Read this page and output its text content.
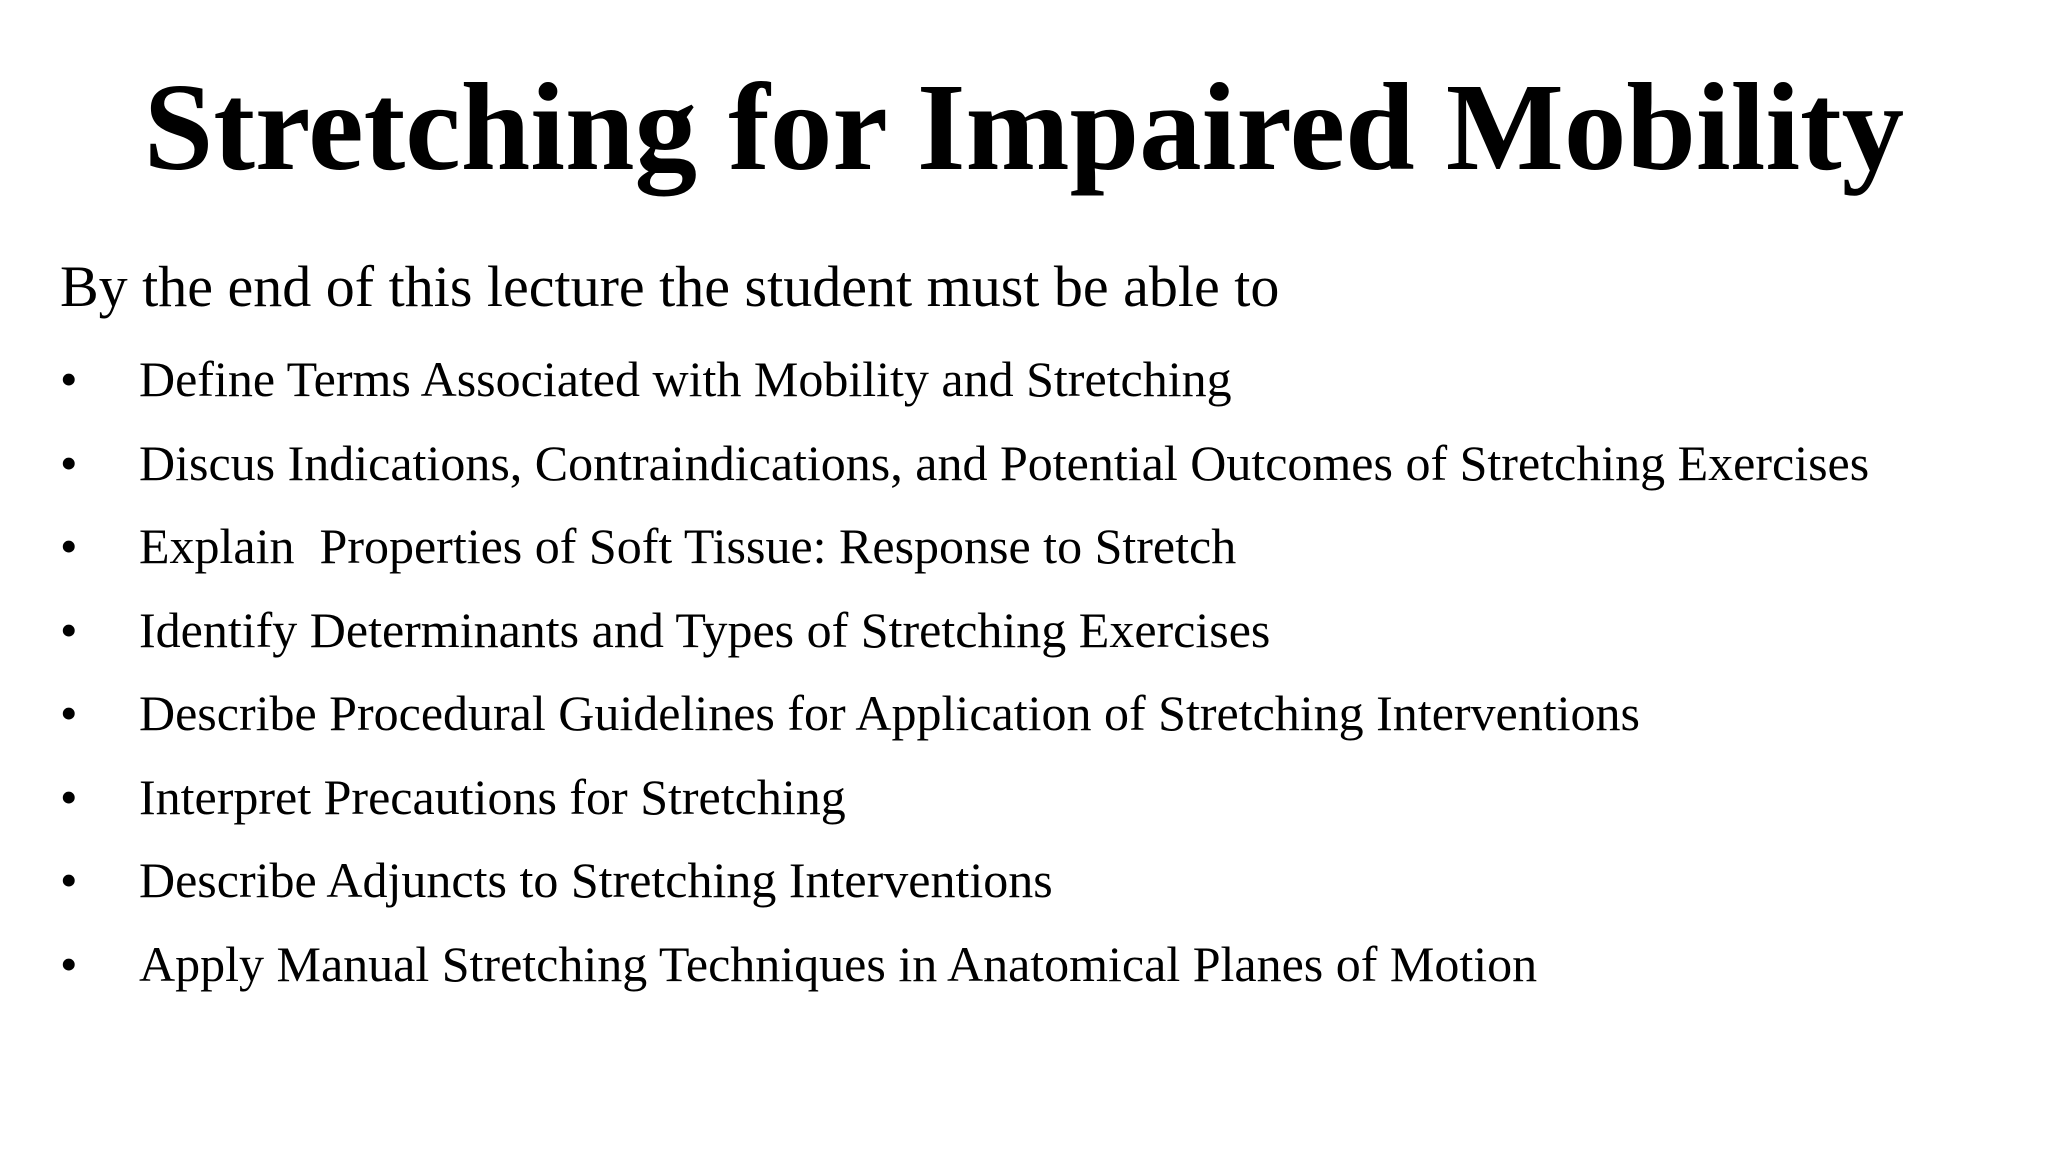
Stretching for Impaired Mobility
By the end of this lecture the student must be able to
• Define Terms Associated with Mobility and Stretching
• Discus Indications, Contraindications, and Potential Outcomes of Stretching Exercises
• Explain  Properties of Soft Tissue: Response to Stretch
• Identify Determinants and Types of Stretching Exercises
• Describe Procedural Guidelines for Application of Stretching Interventions
• Interpret Precautions for Stretching
• Describe Adjuncts to Stretching Interventions
• Apply Manual Stretching Techniques in Anatomical Planes of Motion
